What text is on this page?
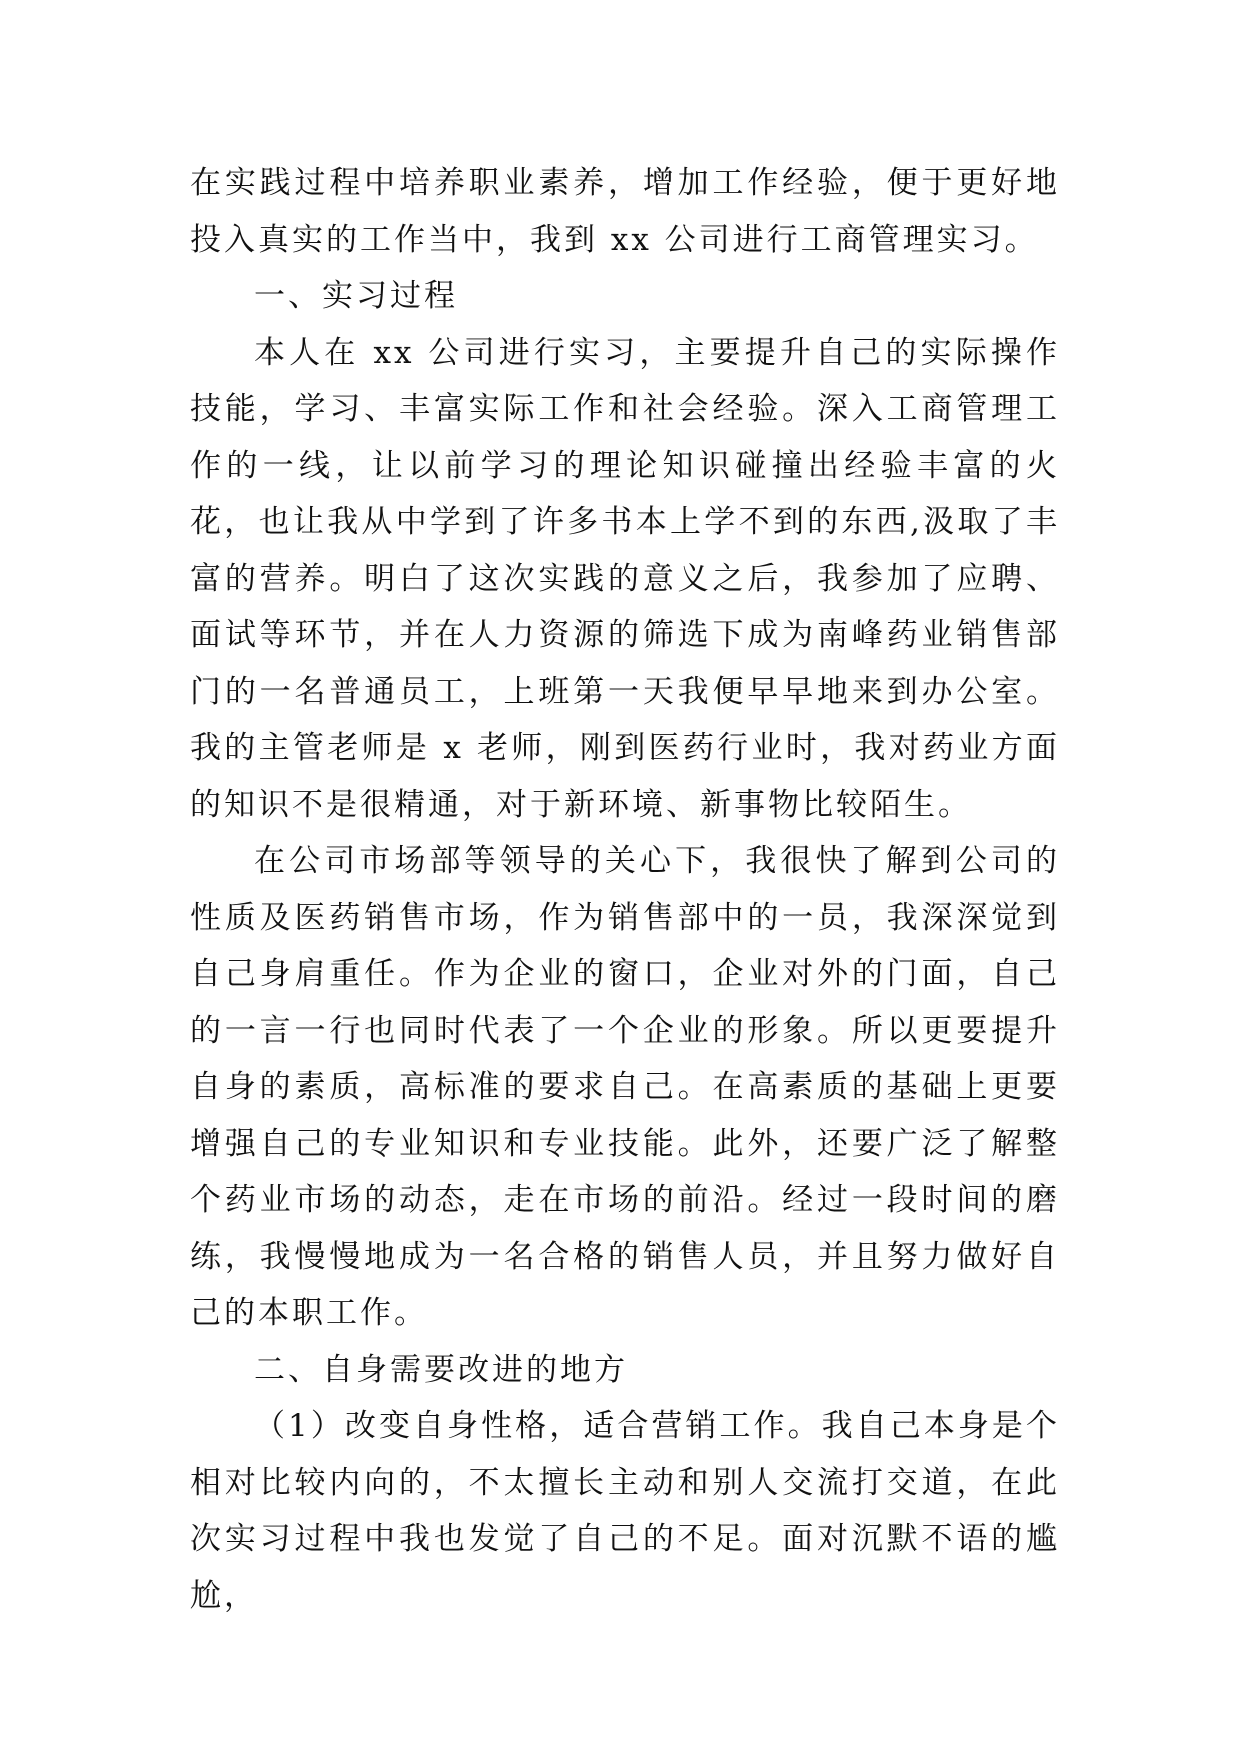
在实践过程中培养职业素养，增加工作经验，便于更好地投入真实的工作当中，我到 xx 公司进行工商管理实习。

一、实习过程

本人在 xx 公司进行实习，主要提升自己的实际操作技能，学习、丰富实际工作和社会经验。深入工商管理工作的一线，让以前学习的理论知识碰撞出经验丰富的火花，也让我从中学到了许多书本上学不到的东西,汲取了丰富的营养。明白了这次实践的意义之后，我参加了应聘、面试等环节，并在人力资源的筛选下成为南峰药业销售部门的一名普通员工，上班第一天我便早早地来到办公室。我的主管老师是 x 老师，刚到医药行业时，我对药业方面的知识不是很精通，对于新环境、新事物比较陌生。

在公司市场部等领导的关心下，我很快了解到公司的性质及医药销售市场，作为销售部中的一员，我深深觉到自己身肩重任。作为企业的窗口，企业对外的门面，自己的一言一行也同时代表了一个企业的形象。所以更要提升自身的素质，高标准的要求自己。在高素质的基础上更要增强自己的专业知识和专业技能。此外，还要广泛了解整个药业市场的动态，走在市场的前沿。经过一段时间的磨练，我慢慢地成为一名合格的销售人员，并且努力做好自己的本职工作。

二、自身需要改进的地方

（1）改变自身性格，适合营销工作。我自己本身是个相对比较内向的，不太擅长主动和别人交流打交道，在此次实习过程中我也发觉了自己的不足。面对沉默不语的尴尬，
